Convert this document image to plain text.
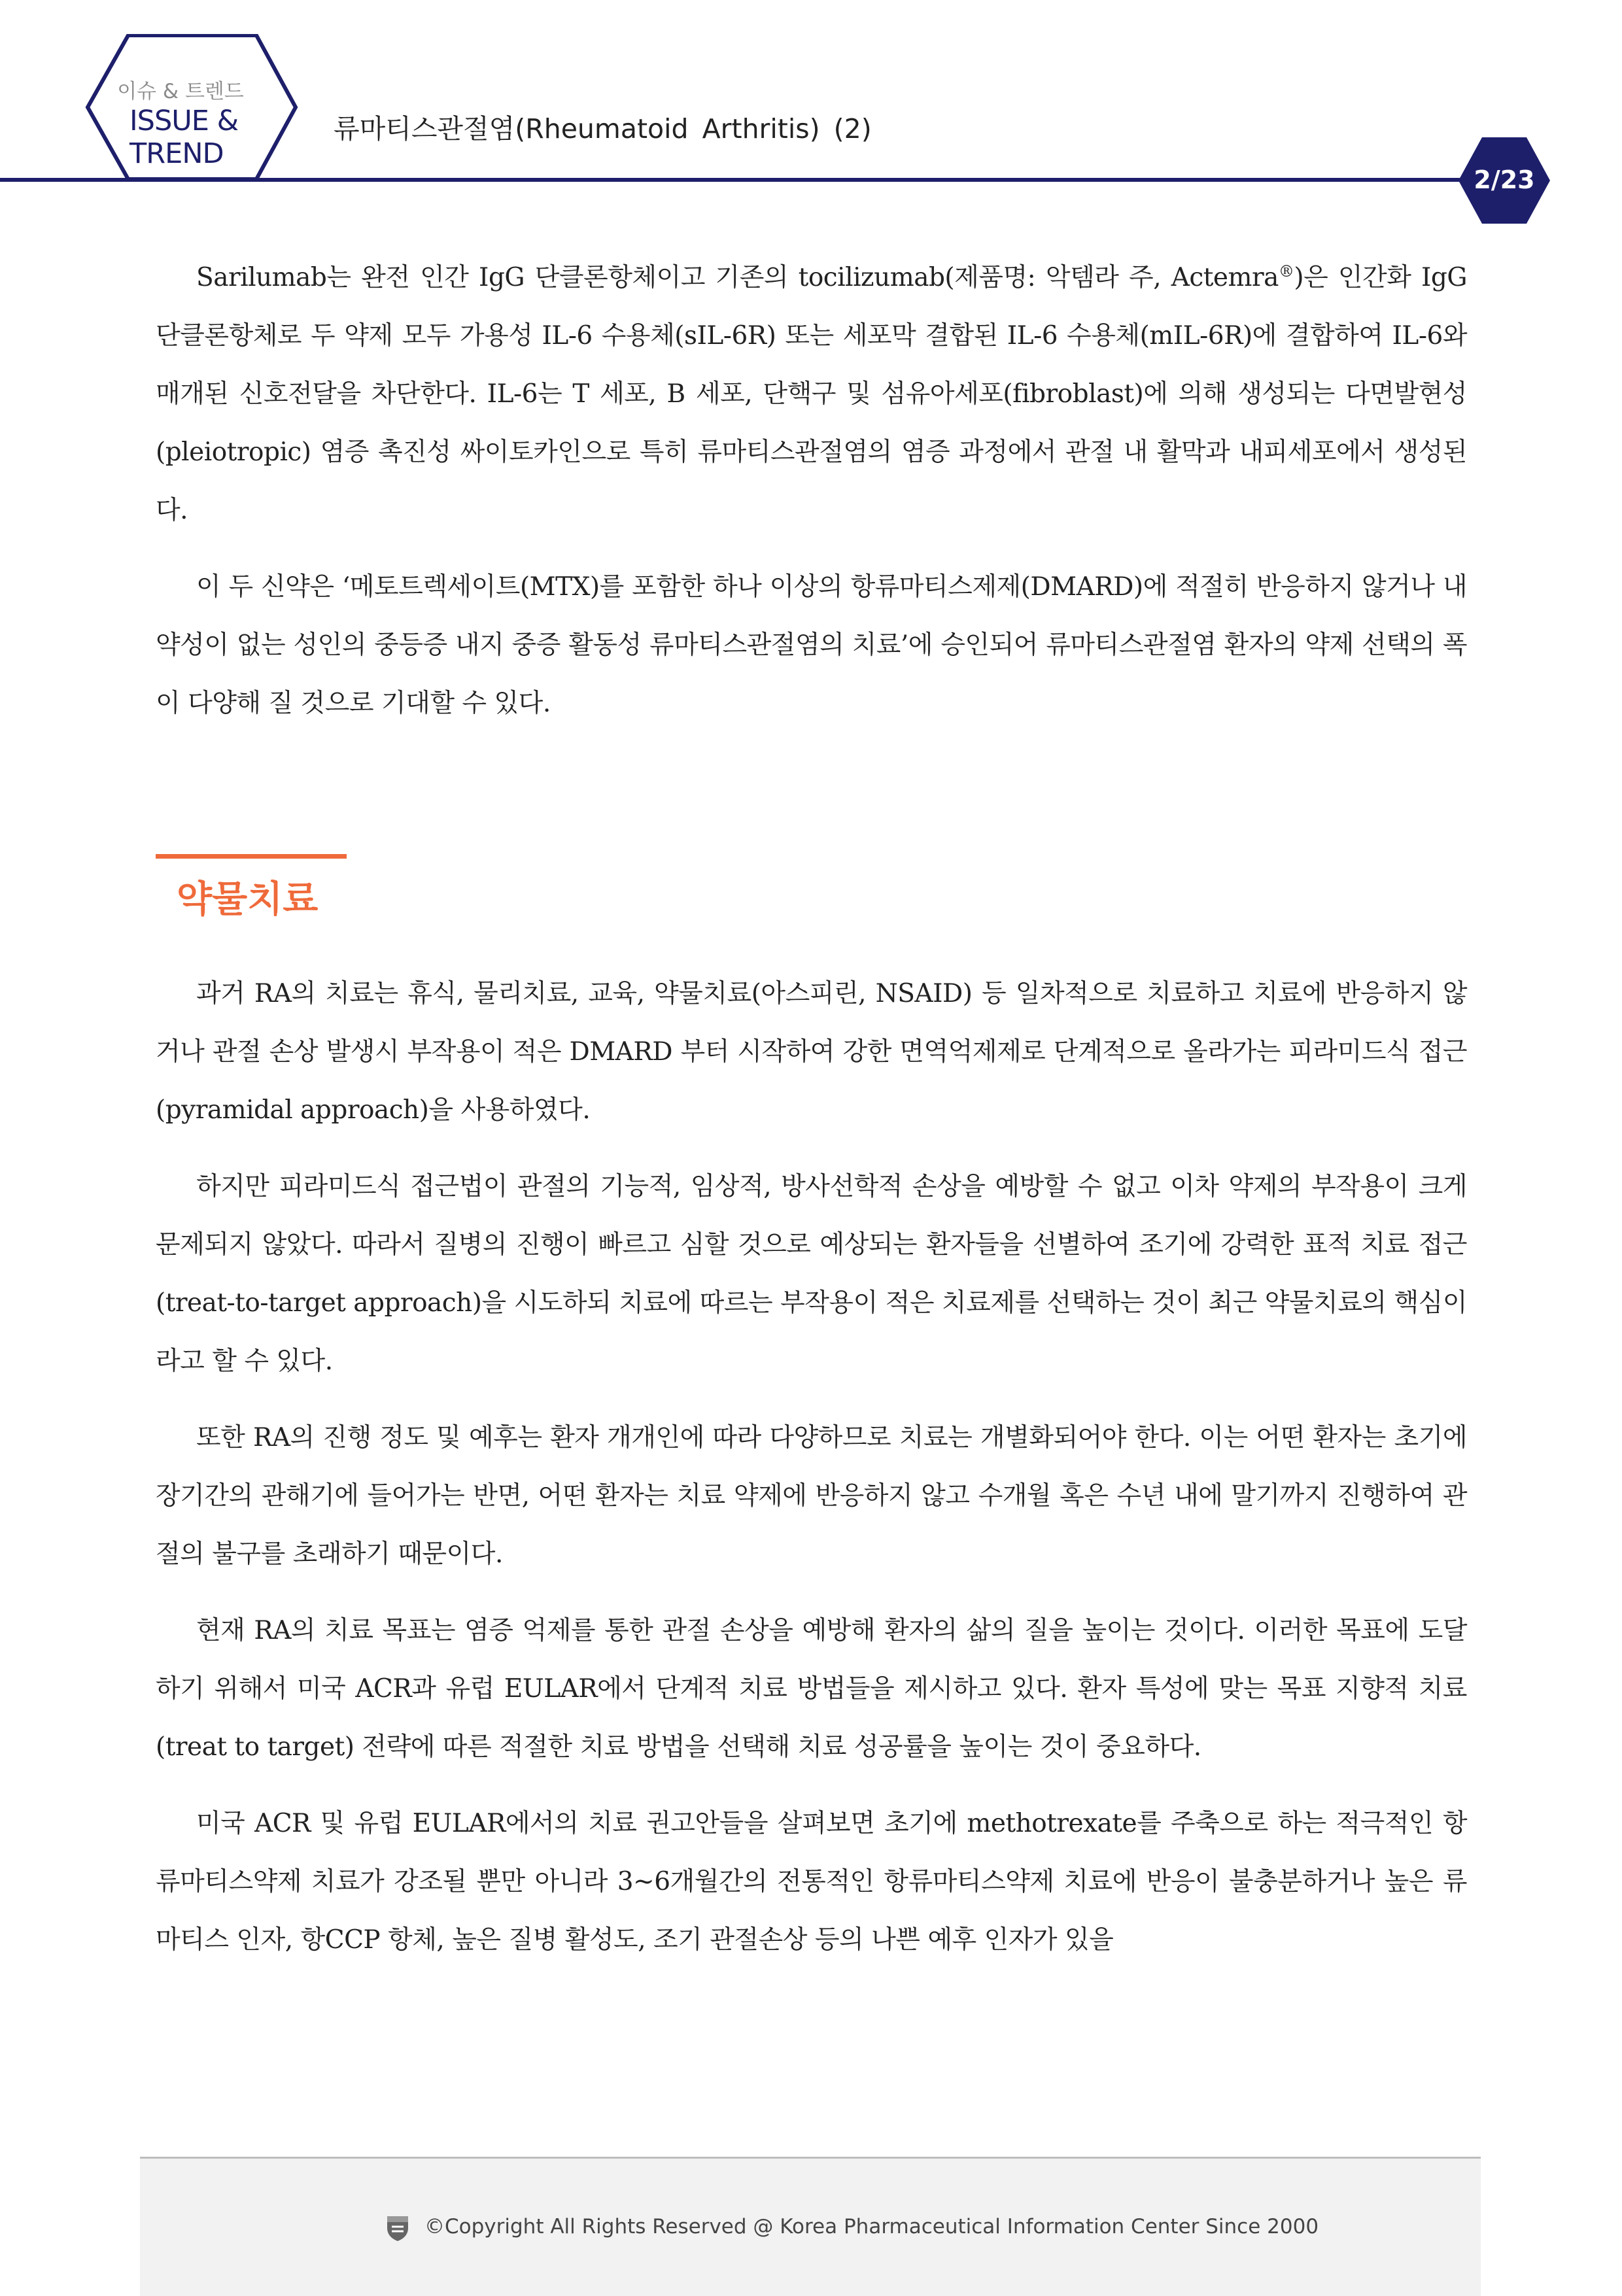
이슈 & 트렌드
ISSUE &
TREND
류마티스관절염(Rheumatoid Arthritis) (2)
2/23

Sarilumab는 완전 인간 IgG 단클론항체이고 기존의 tocilizumab(제품명: 악템라 주, Actemra®)은 인간화 IgG 단클론항체로 두 약제 모두 가용성 IL-6 수용체(sIL-6R) 또는 세포막 결합된 IL-6 수용체(mIL-6R)에 결합하여 IL-6와 매개된 신호전달을 차단한다. IL-6는 T 세포, B 세포, 단핵구 및 섬유아세포(fibroblast)에 의해 생성되는 다면발현성(pleiotropic) 염증 촉진성 싸이토카인으로 특히 류마티스관절염의 염증 과정에서 관절 내 활막과 내피세포에서 생성된다.

이 두 신약은 ‘메토트렉세이트(MTX)를 포함한 하나 이상의 항류마티스제제(DMARD)에 적절히 반응하지 않거나 내약성이 없는 성인의 중등증 내지 중증 활동성 류마티스관절염의 치료’에 승인되어 류마티스관절염 환자의 약제 선택의 폭이 다양해 질 것으로 기대할 수 있다.

약물치료

과거 RA의 치료는 휴식, 물리치료, 교육, 약물치료(아스피린, NSAID) 등 일차적으로 치료하고 치료에 반응하지 않거나 관절 손상 발생시 부작용이 적은 DMARD 부터 시작하여 강한 면역억제제로 단계적으로 올라가는 피라미드식 접근(pyramidal approach)을 사용하였다.

하지만 피라미드식 접근법이 관절의 기능적, 임상적, 방사선학적 손상을 예방할 수 없고 이차 약제의 부작용이 크게 문제되지 않았다. 따라서 질병의 진행이 빠르고 심할 것으로 예상되는 환자들을 선별하여 조기에 강력한 표적 치료 접근(treat-to-target approach)을 시도하되 치료에 따르는 부작용이 적은 치료제를 선택하는 것이 최근 약물치료의 핵심이라고 할 수 있다.

또한 RA의 진행 정도 및 예후는 환자 개개인에 따라 다양하므로 치료는 개별화되어야 한다. 이는 어떤 환자는 초기에 장기간의 관해기에 들어가는 반면, 어떤 환자는 치료 약제에 반응하지 않고 수개월 혹은 수년 내에 말기까지 진행하여 관절의 불구를 초래하기 때문이다.

현재 RA의 치료 목표는 염증 억제를 통한 관절 손상을 예방해 환자의 삶의 질을 높이는 것이다. 이러한 목표에 도달하기 위해서 미국 ACR과 유럽 EULAR에서 단계적 치료 방법들을 제시하고 있다. 환자 특성에 맞는 목표 지향적 치료(treat to target) 전략에 따른 적절한 치료 방법을 선택해 치료 성공률을 높이는 것이 중요하다.

미국 ACR 및 유럽 EULAR에서의 치료 권고안들을 살펴보면 초기에 methotrexate를 주축으로 하는 적극적인 항류마티스약제 치료가 강조될 뿐만 아니라 3~6개월간의 전통적인 항류마티스약제 치료에 반응이 불충분하거나 높은 류마티스 인자, 항CCP 항체, 높은 질병 활성도, 조기 관절손상 등의 나쁜 예후 인자가 있을

©Copyright All Rights Reserved @ Korea Pharmaceutical Information Center Since 2000
